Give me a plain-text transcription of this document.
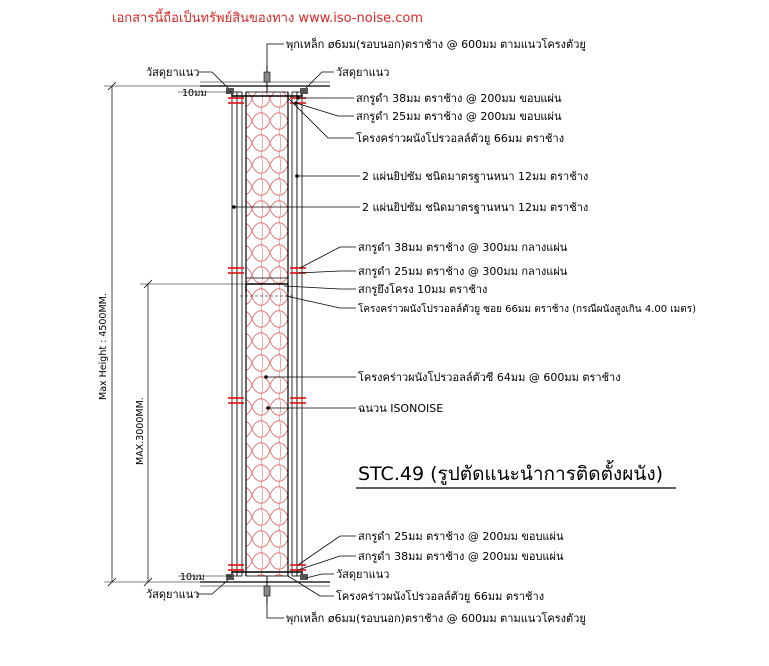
เอกสารนี้ถือเป็นทรัพย์สินของทาง www.iso-noise.com
10มม
10มม
Max Height : 4500MM.
MAX.3000MM.
พุกเหล็ก ø6มม(รอบนอก)ตราช้าง @ 600มม ตามแนวโครงตัวยู
วัสดุยาแนว	วัสดุยาแนว
สกรูดำ 38มม ตราช้าง @ 200มม ขอบแผ่น
สกรูดำ 25มม ตราช้าง @ 200มม ขอบแผ่น
โครงคร่าวผนังโปรวอลล์ตัวยู 66มม ตราช้าง
2 แผ่นยิปซัม ชนิดมาตรฐานหนา 12มม ตราช้าง
2 แผ่นยิปซัม ชนิดมาตรฐานหนา 12มม ตราช้าง
สกรูดำ 38มม ตราช้าง @ 300มม กลางแผ่น
สกรูดำ 25มม ตราช้าง @ 300มม กลางแผ่น
สกรูยึงโครง 10มม ตราช้าง
โครงคร่าวผนังโปรวอลล์ตัวยู ซอย 66มม ตราช้าง (กรณีผนังสูงเกิน 4.00 เมตร)
โครงคร่าวผนังโปรวอลล์ตัวซี 64มม @ 600มม ตราช้าง
ฉนวน ISONOISE
STC.49 (รูปตัดแนะนำการติดตั้งผนัง)
สกรูดำ 25มม ตราช้าง @ 200มม ขอบแผ่น
สกรูดำ 38มม ตราช้าง @ 200มม ขอบแผ่น
วัสดุยาแนว
วัสดุยาแนว	โครงคร่าวผนังโปรวอลล์ตัวยู 66มม ตราช้าง
พุกเหล็ก ø6มม(รอบนอก)ตราช้าง @ 600มม ตามแนวโครงตัวยู
